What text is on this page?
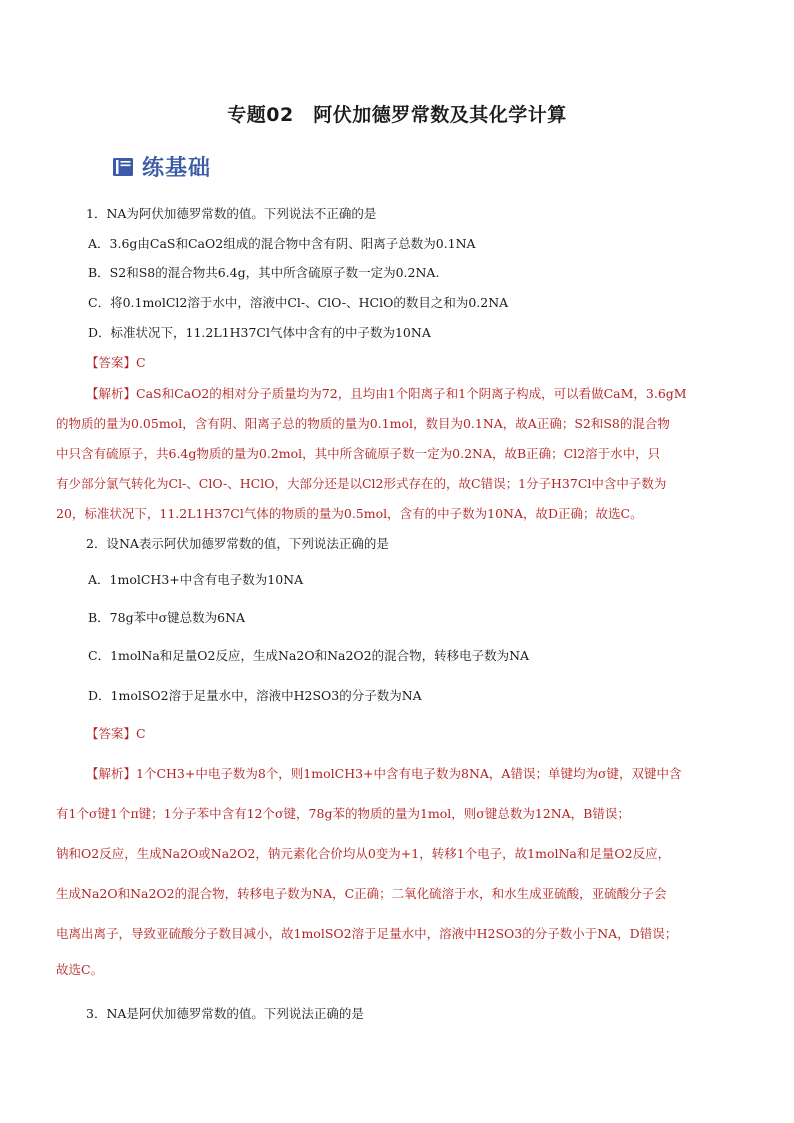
专题02　阿伏加德罗常数及其化学计算
练基础
1．NA为阿伏加德罗常数的值。下列说法不正确的是
A．3.6g由CaS和CaO2组成的混合物中含有阴、阳离子总数为0.1NA
B．S2和S8的混合物共6.4g，其中所含硫原子数一定为0.2NA.
C．将0.1molCl2溶于水中，溶液中Cl-、ClO-、HClO的数目之和为0.2NA
D．标准状况下，11.2L1H37Cl气体中含有的中子数为10NA
【答案】C
【解析】CaS和CaO2的相对分子质量均为72，且均由1个阳离子和1个阴离子构成，可以看做CaM，3.6gM
的物质的量为0.05mol，含有阴、阳离子总的物质的量为0.1mol，数目为0.1NA，故A正确；S2和S8的混合物
中只含有硫原子，共6.4g物质的量为0.2mol，其中所含硫原子数一定为0.2NA，故B正确；Cl2溶于水中，只
有少部分氯气转化为Cl-、ClO-、HClO，大部分还是以Cl2形式存在的，故C错误；1分子H37Cl中含中子数为
20，标准状况下，11.2L1H37Cl气体的物质的量为0.5mol，含有的中子数为10NA，故D正确；故选C。
2．设NA表示阿伏加德罗常数的值，下列说法正确的是
A．1molCH3+中含有电子数为10NA
B．78g苯中σ键总数为6NA
C．1molNa和足量O2反应，生成Na2O和Na2O2的混合物，转移电子数为NA
D．1molSO2溶于足量水中，溶液中H2SO3的分子数为NA
【答案】C
【解析】1个CH3+中电子数为8个，则1molCH3+中含有电子数为8NA，A错误；单键均为σ键，双键中含
有1个σ键1个π键；1分子苯中含有12个σ键，78g苯的物质的量为1mol，则σ键总数为12NA，B错误；
钠和O2反应，生成Na2O或Na2O2，钠元素化合价均从0变为+1，转移1个电子，故1molNa和足量O2反应，
生成Na2O和Na2O2的混合物，转移电子数为NA，C正确；二氧化硫溶于水，和水生成亚硫酸，亚硫酸分子会
电离出离子，导致亚硫酸分子数目减小，故1molSO2溶于足量水中，溶液中H2SO3的分子数小于NA，D错误；
故选C。
3．NA是阿伏加德罗常数的值。下列说法正确的是
